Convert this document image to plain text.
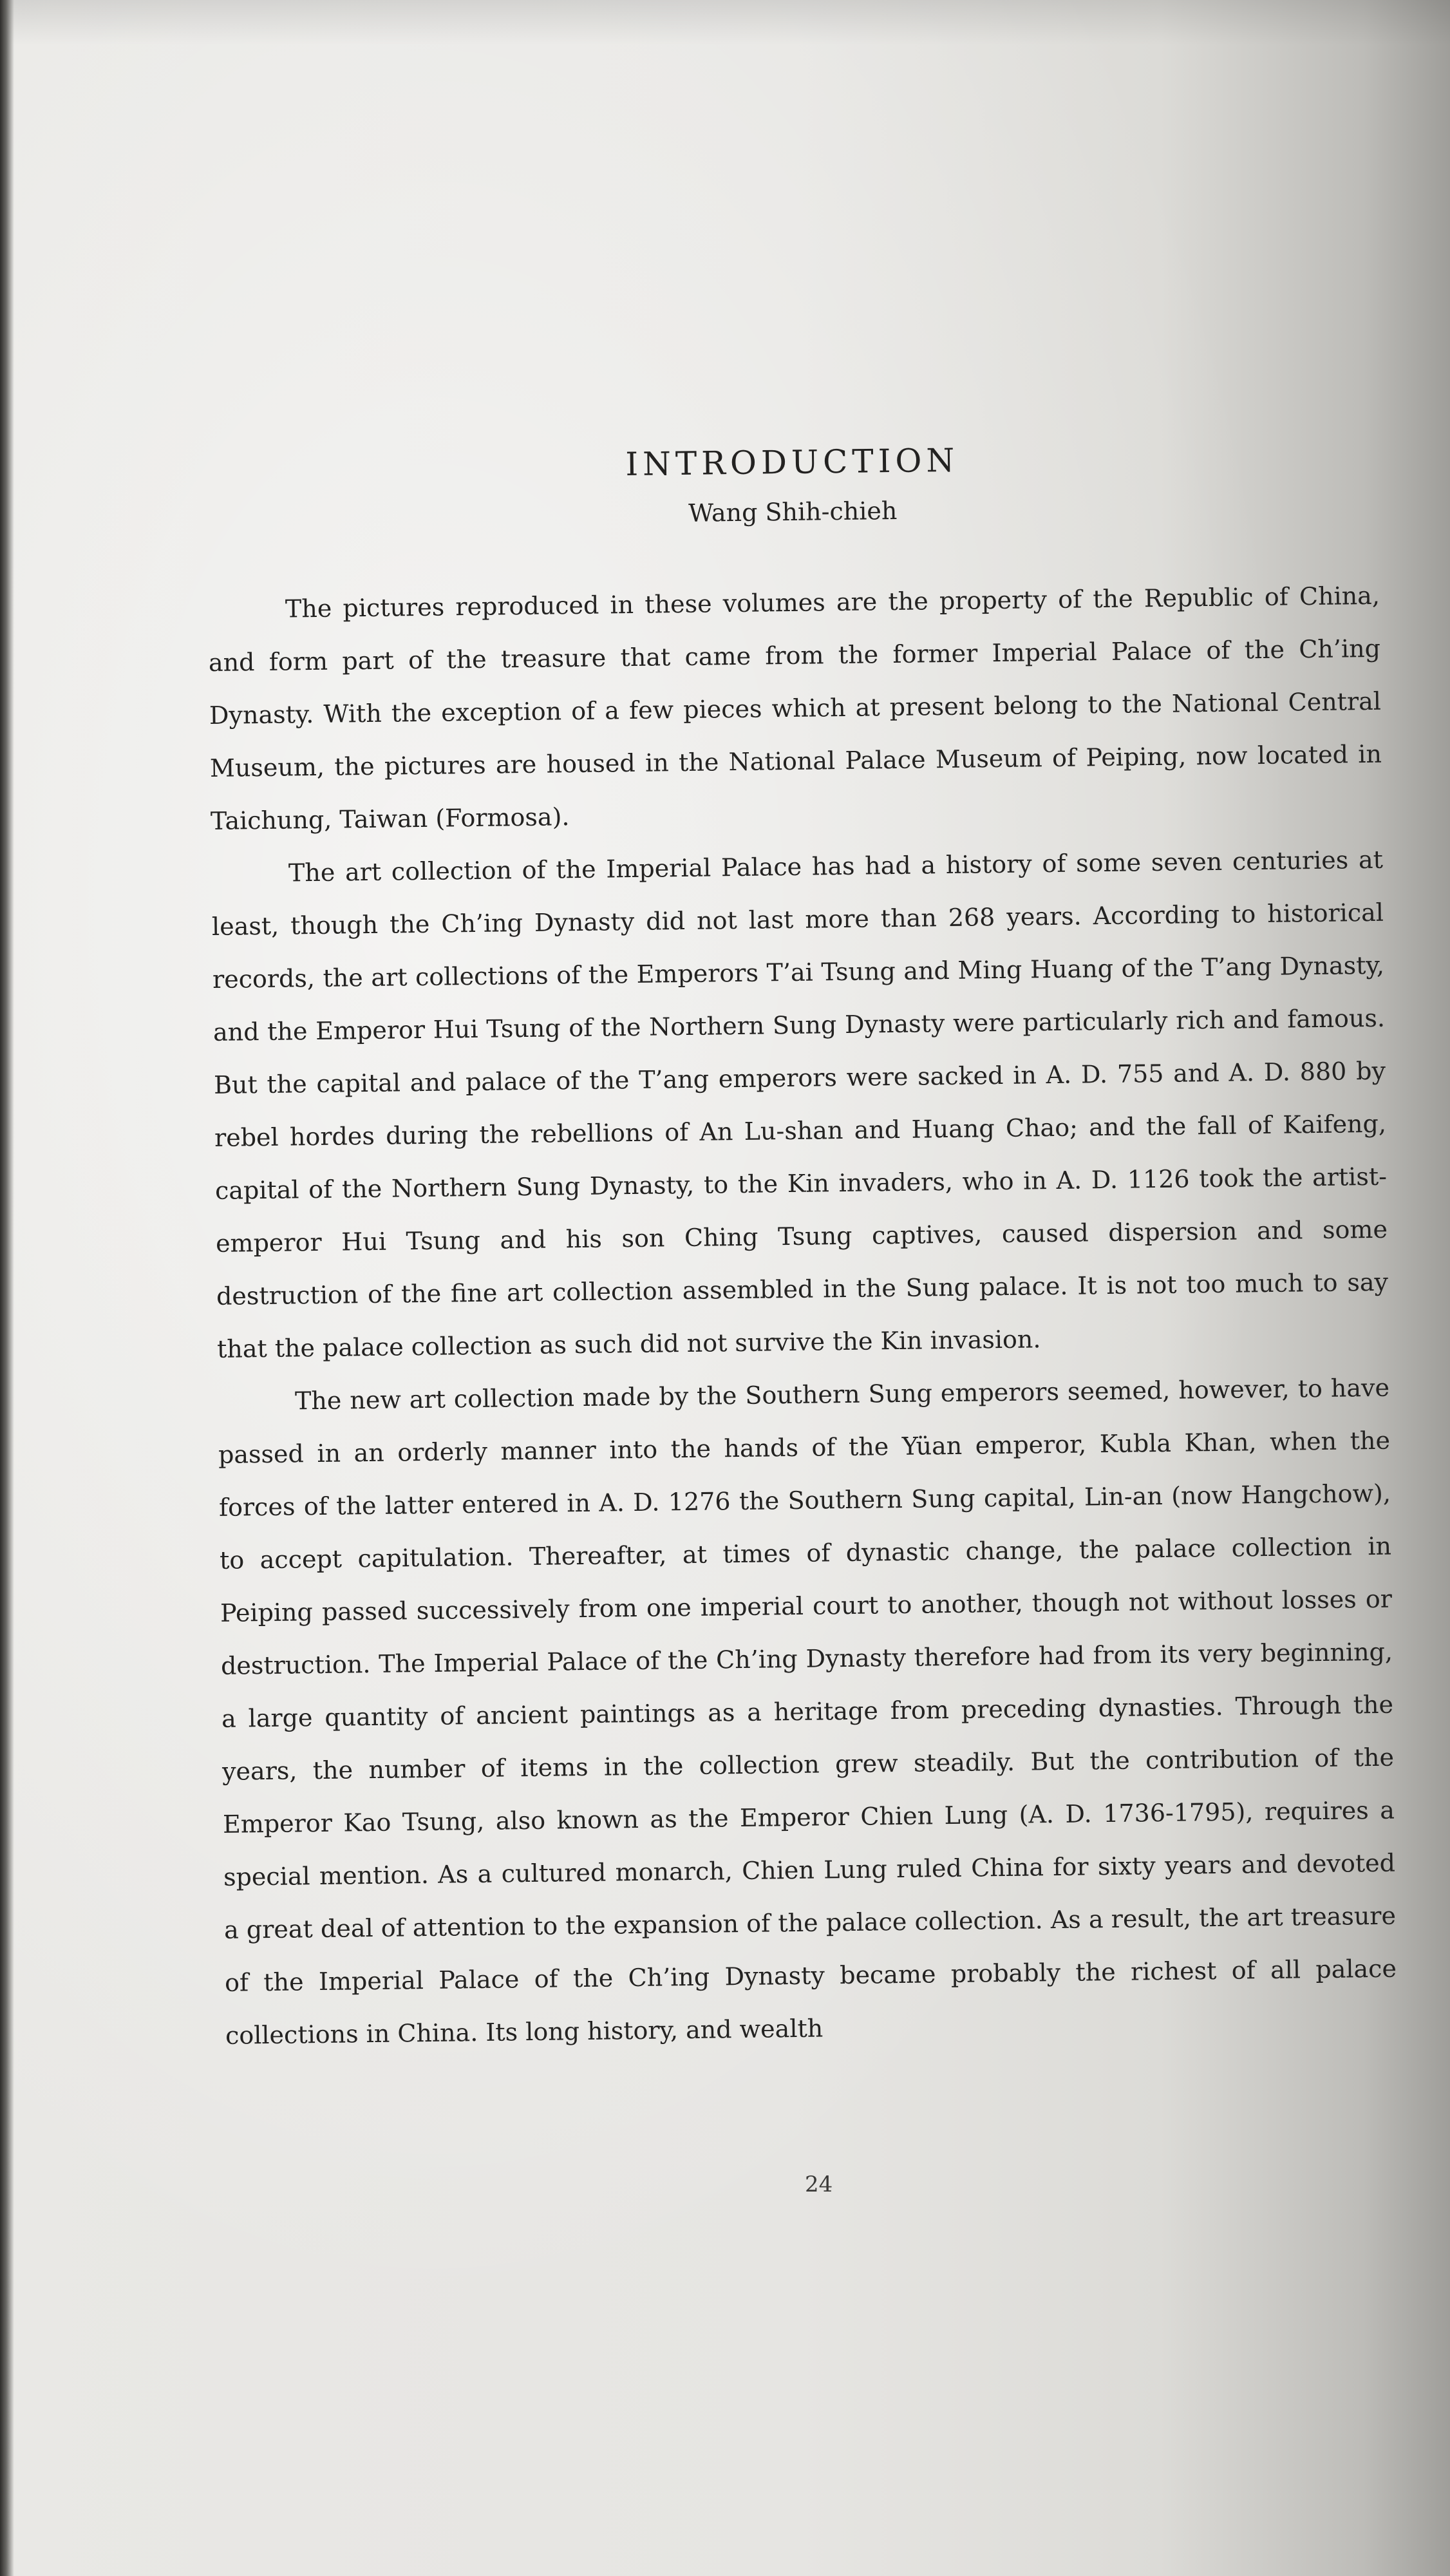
INTRODUCTION
Wang Shih-chieh

The pictures reproduced in these volumes are the property of the Republic of China, and form part of the treasure that came from the former Imperial Palace of the Ch’ing Dynasty. With the exception of a few pieces which at present belong to the National Central Museum, the pictures are housed in the National Palace Museum of Peiping, now located in Taichung, Taiwan (Formosa).

The art collection of the Imperial Palace has had a history of some seven centuries at least, though the Ch’ing Dynasty did not last more than 268 years. According to historical records, the art collections of the Emperors T’ai Tsung and Ming Huang of the T’ang Dynasty, and the Emperor Hui Tsung of the Northern Sung Dynasty were particularly rich and famous. But the capital and palace of the T’ang emperors were sacked in A. D. 755 and A. D. 880 by rebel hordes during the rebellions of An Lu-shan and Huang Chao; and the fall of Kaifeng, capital of the Northern Sung Dynasty, to the Kin invaders, who in A. D. 1126 took the artist-emperor Hui Tsung and his son Ching Tsung captives, caused dispersion and some destruction of the fine art collection assembled in the Sung palace. It is not too much to say that the palace collection as such did not survive the Kin invasion.

The new art collection made by the Southern Sung emperors seemed, however, to have passed in an orderly manner into the hands of the Yüan emperor, Kubla Khan, when the forces of the latter entered in A. D. 1276 the Southern Sung capital, Lin-an (now Hangchow), to accept capitulation. Thereafter, at times of dynastic change, the palace collection in Peiping passed successively from one imperial court to another, though not without losses or destruction. The Imperial Palace of the Ch’ing Dynasty therefore had from its very beginning, a large quantity of ancient paintings as a heritage from preceding dynasties. Through the years, the number of items in the collection grew steadily. But the contribution of the Emperor Kao Tsung, also known as the Emperor Chien Lung (A. D. 1736-1795), requires a special mention. As a cultured monarch, Chien Lung ruled China for sixty years and devoted a great deal of attention to the expansion of the palace collection. As a result, the art treasure of the Imperial Palace of the Ch’ing Dynasty became probably the richest of all palace collections in China. Its long history, and wealth

24
